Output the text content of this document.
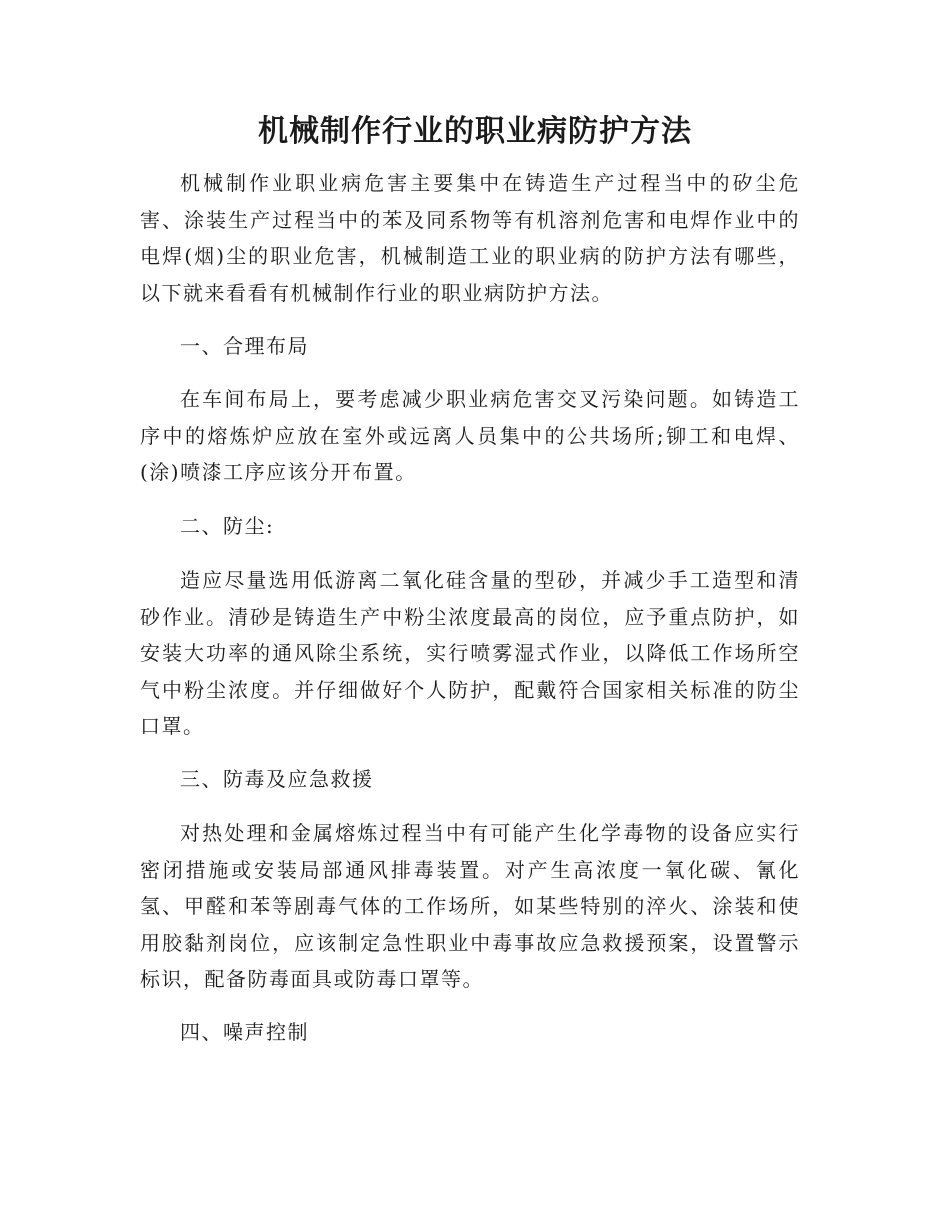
机械制作行业的职业病防护方法

机械制作业职业病危害主要集中在铸造生产过程当中的矽尘危害、涂装生产过程当中的苯及同系物等有机溶剂危害和电焊作业中的电焊(烟)尘的职业危害，机械制造工业的职业病的防护方法有哪些，以下就来看看有机械制作行业的职业病防护方法。

一、合理布局

在车间布局上，要考虑减少职业病危害交叉污染问题。如铸造工序中的熔炼炉应放在室外或远离人员集中的公共场所;铆工和电焊、(涂)喷漆工序应该分开布置。

二、防尘:

造应尽量选用低游离二氧化硅含量的型砂，并减少手工造型和清砂作业。清砂是铸造生产中粉尘浓度最高的岗位，应予重点防护，如安装大功率的通风除尘系统，实行喷雾湿式作业，以降低工作场所空气中粉尘浓度。并仔细做好个人防护，配戴符合国家相关标准的防尘口罩。

三、防毒及应急救援

对热处理和金属熔炼过程当中有可能产生化学毒物的设备应实行密闭措施或安装局部通风排毒装置。对产生高浓度一氧化碳、氰化氢、甲醛和苯等剧毒气体的工作场所，如某些特别的淬火、涂装和使用胶黏剂岗位，应该制定急性职业中毒事故应急救援预案，设置警示标识，配备防毒面具或防毒口罩等。

四、噪声控制
